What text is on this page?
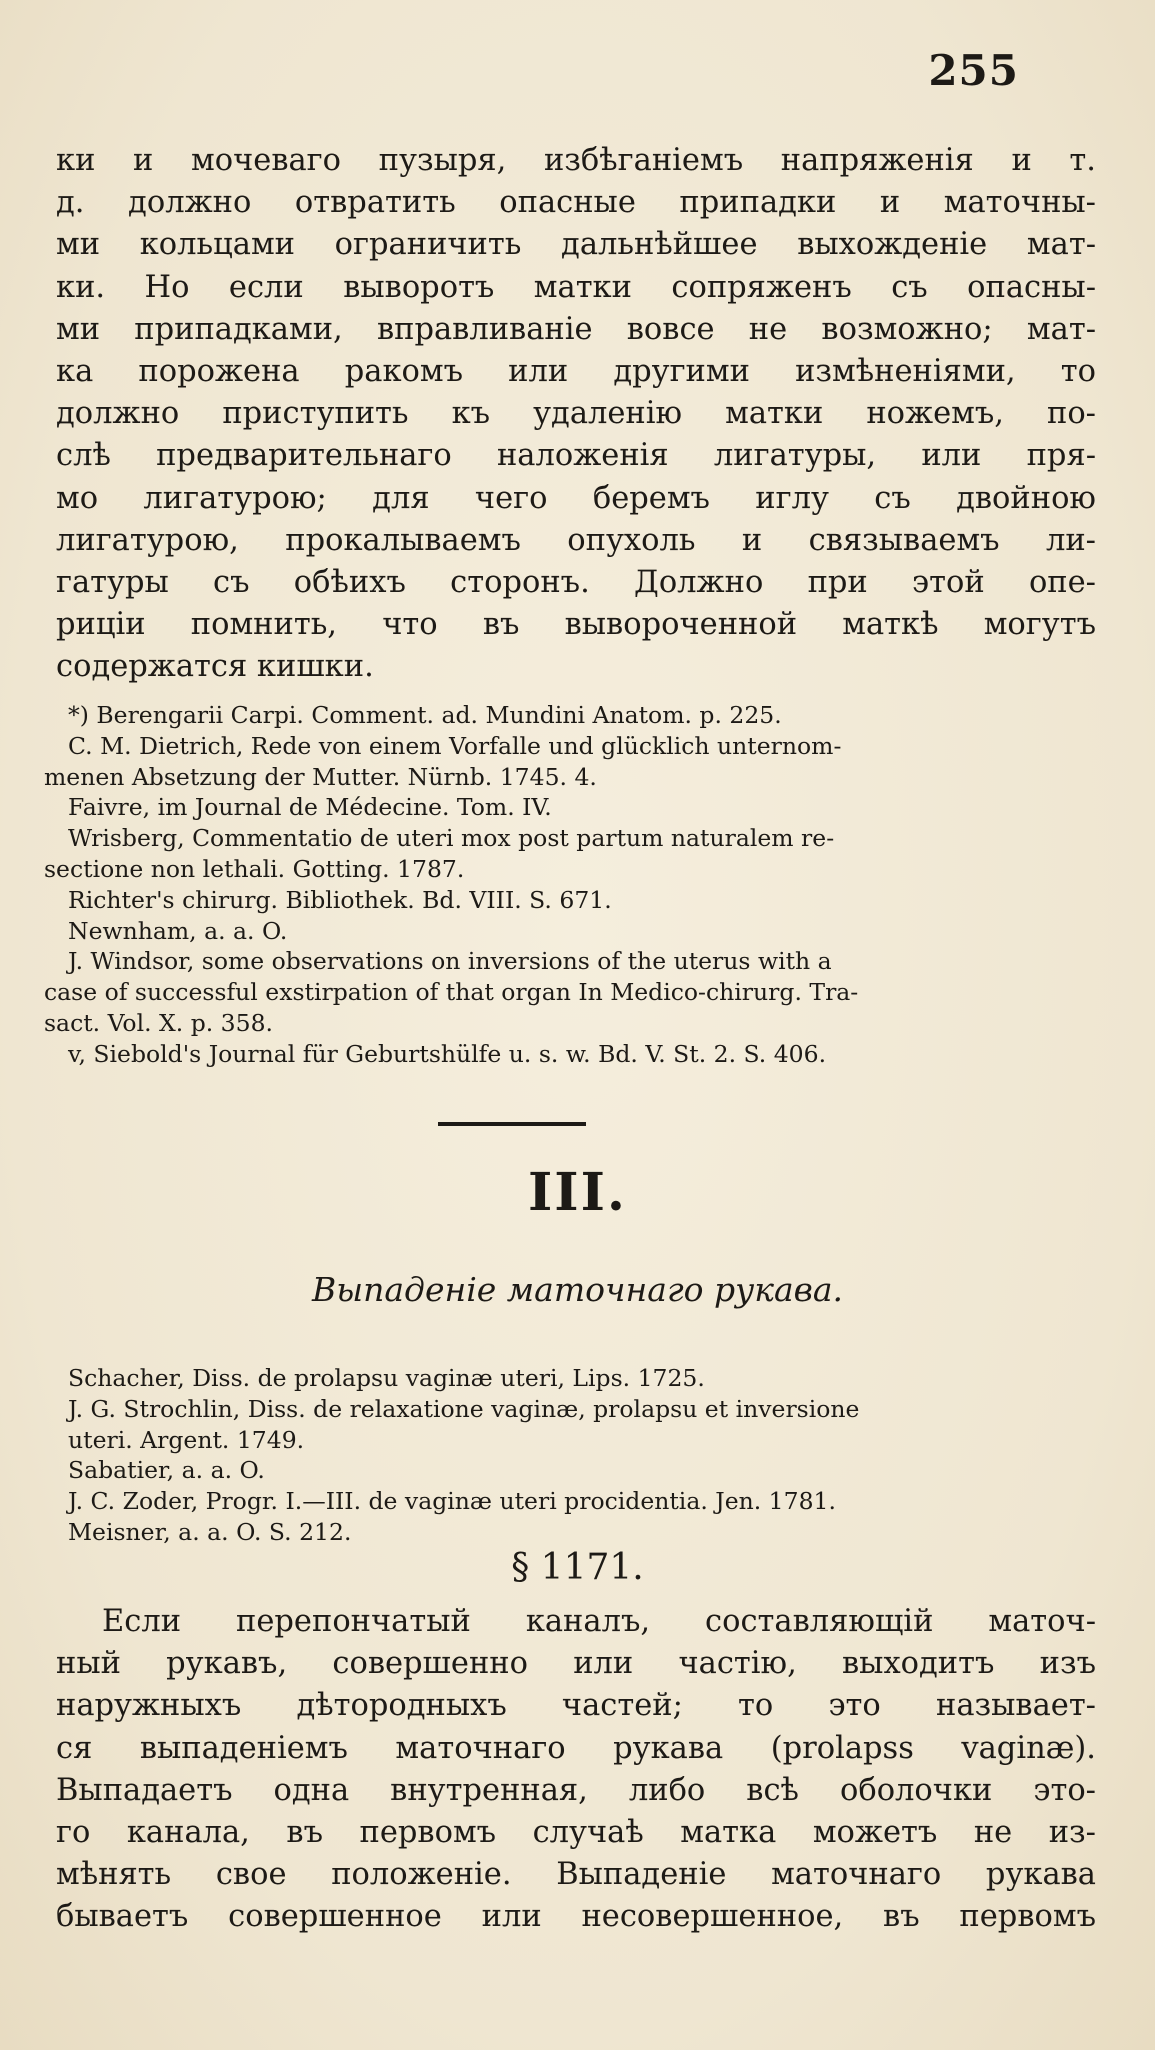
255
ки и мочеваго пузыря, избѣганіемъ напряженія и т.
д. должно отвратить опасные припадки и маточны-
ми кольцами ограничить дальнѣйшее выхожденіе мат-
ки. Но если выворотъ матки сопряженъ съ опасны-
ми припадками, вправливаніе вовсе не возможно; мат-
ка порожена ракомъ или другими измѣненіями, то
должно приступить къ удаленію матки ножемъ, по-
слѣ предварительнаго наложенія лигатуры, или пря-
мо лигатурою; для чего беремъ иглу съ двойною
лигатурою, прокалываемъ опухоль и связываемъ ли-
гатуры съ обѣихъ сторонъ. Должно при этой опе-
риціи помнить, что въ вывороченной маткѣ могутъ
содержатся кишки.
*) Berengarii Carpi. Comment. ad. Mundini Anatom. p. 225.
C. M. Dietrich, Rede von einem Vorfalle und glücklich unternom-
menen Absetzung der Mutter. Nürnb. 1745. 4.
Faivre, im Journal de Médecine. Tom. IV.
Wrisberg, Commentatio de uteri mox post partum naturalem re-
sectione non lethali. Gotting. 1787.
Richter's chirurg. Bibliothek. Bd. VIII. S. 671.
Newnham, a. a. O.
J. Windsor, some observations on inversions of the uterus with a
case of successful exstirpation of that organ In Medico-chirurg. Tra-
sact. Vol. X. p. 358.
v, Siebold's Journal für Geburtshülfe u. s. w. Bd. V. St. 2. S. 406.
III.
Выпаденіе маточнаго рукава.
Schacher, Diss. de prolapsu vaginæ uteri, Lips. 1725.
J. G. Strochlin, Diss. de relaxatione vaginæ, prolapsu et inversione
uteri. Argent. 1749.
Sabatier, a. a. O.
J. C. Zoder, Progr. I.—III. de vaginæ uteri procidentia. Jen. 1781.
Meisner, a. a. O. S. 212.
§ 1171.
Если перепончатый каналъ, составляющій маточ-
ный рукавъ, совершенно или частію, выходитъ изъ
наружныхъ дѣтородныхъ частей; то это называет-
ся выпаденіемъ маточнаго рукава (prolapss vaginæ).
Выпадаетъ одна внутренная, либо всѣ оболочки это-
го канала, въ первомъ случаѣ матка можетъ не из-
мѣнять свое положеніе. Выпаденіе маточнаго рукава
бываетъ совершенное или несовершенное, въ первомъ
